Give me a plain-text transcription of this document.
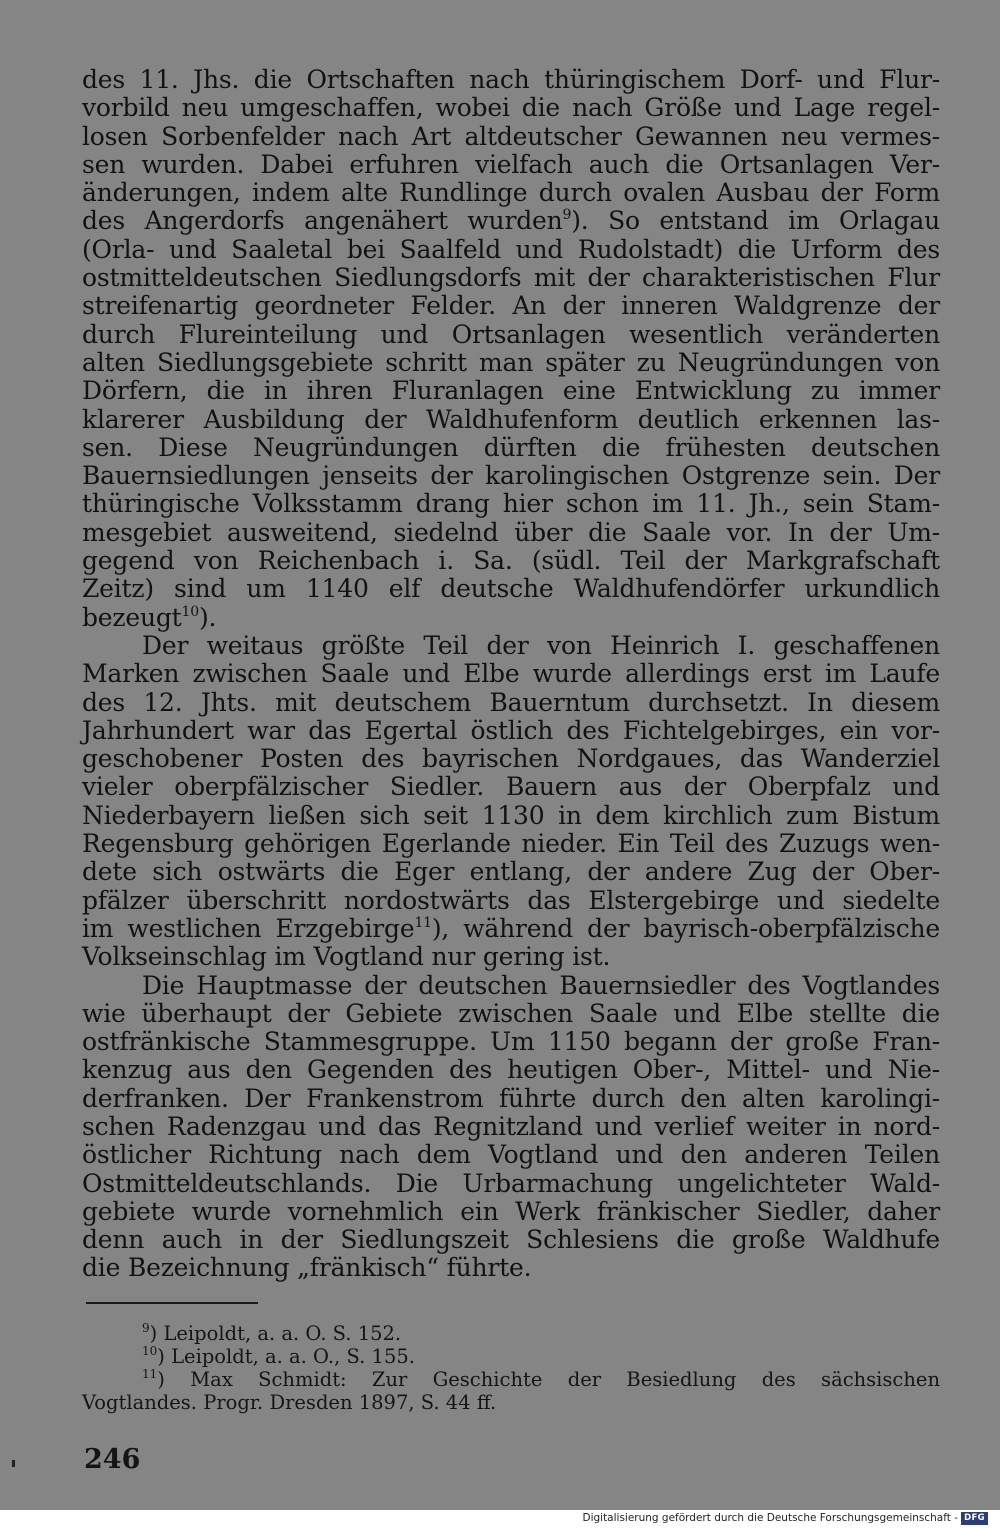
des 11. Jhs. die Ortschaften nach thüringischem Dorf- und Flur-
vorbild neu umgeschaffen, wobei die nach Größe und Lage regel-
losen Sorbenfelder nach Art altdeutscher Gewannen neu vermes-
sen wurden. Dabei erfuhren vielfach auch die Ortsanlagen Ver-
änderungen, indem alte Rundlinge durch ovalen Ausbau der Form
des Angerdorfs angenähert wurden$^9$). So entstand im Orlagau
(Orla- und Saaletal bei Saalfeld und Rudolstadt) die Urform des
ostmitteldeutschen Siedlungsdorfs mit der charakteristischen Flur
streifenartig geordneter Felder. An der inneren Waldgrenze der
durch Flureinteilung und Ortsanlagen wesentlich veränderten
alten Siedlungsgebiete schritt man später zu Neugründungen von
Dörfern, die in ihren Fluranlagen eine Entwicklung zu immer
klarerer Ausbildung der Waldhufenform deutlich erkennen las-
sen. Diese Neugründungen dürften die frühesten deutschen
Bauernsiedlungen jenseits der karolingischen Ostgrenze sein. Der
thüringische Volksstamm drang hier schon im 11. Jh., sein Stam-
mesgebiet ausweitend, siedelnd über die Saale vor. In der Um-
gegend von Reichenbach i. Sa. (südl. Teil der Markgrafschaft
Zeitz) sind um 1140 elf deutsche Waldhufendörfer urkundlich
bezeugt$^{10}$).
Der weitaus größte Teil der von Heinrich I. geschaffenen
Marken zwischen Saale und Elbe wurde allerdings erst im Laufe
des 12. Jhts. mit deutschem Bauerntum durchsetzt. In diesem
Jahrhundert war das Egertal östlich des Fichtelgebirges, ein vor-
geschobener Posten des bayrischen Nordgaues, das Wanderziel
vieler oberpfälzischer Siedler. Bauern aus der Oberpfalz und
Niederbayern ließen sich seit 1130 in dem kirchlich zum Bistum
Regensburg gehörigen Egerlande nieder. Ein Teil des Zuzugs wen-
dete sich ostwärts die Eger entlang, der andere Zug der Ober-
pfälzer überschritt nordostwärts das Elstergebirge und siedelte
im westlichen Erzgebirge$^{11}$), während der bayrisch-oberpfälzische
Volkseinschlag im Vogtland nur gering ist.
Die Hauptmasse der deutschen Bauernsiedler des Vogtlandes
wie überhaupt der Gebiete zwischen Saale und Elbe stellte die
ostfränkische Stammesgruppe. Um 1150 begann der große Fran-
kenzug aus den Gegenden des heutigen Ober-, Mittel- und Nie-
derfranken. Der Frankenstrom führte durch den alten karolingi-
schen Radenzgau und das Regnitzland und verlief weiter in nord-
östlicher Richtung nach dem Vogtland und den anderen Teilen
Ostmitteldeutschlands. Die Urbarmachung ungelichteter Wald-
gebiete wurde vornehmlich ein Werk fränkischer Siedler, daher
denn auch in der Siedlungszeit Schlesiens die große Waldhufe
die Bezeichnung „fränkisch“ führte.
$^9$) Leipoldt, a. a. O. S. 152.
$^{10}$) Leipoldt, a. a. O., S. 155.
$^{11}$) Max Schmidt: Zur Geschichte der Besiedlung des sächsischen
Vogtlandes. Progr. Dresden 1897, S. 44 ff.
246
Digitalisierung gefördert durch die Deutsche Forschungsgemeinschaft - DFG
